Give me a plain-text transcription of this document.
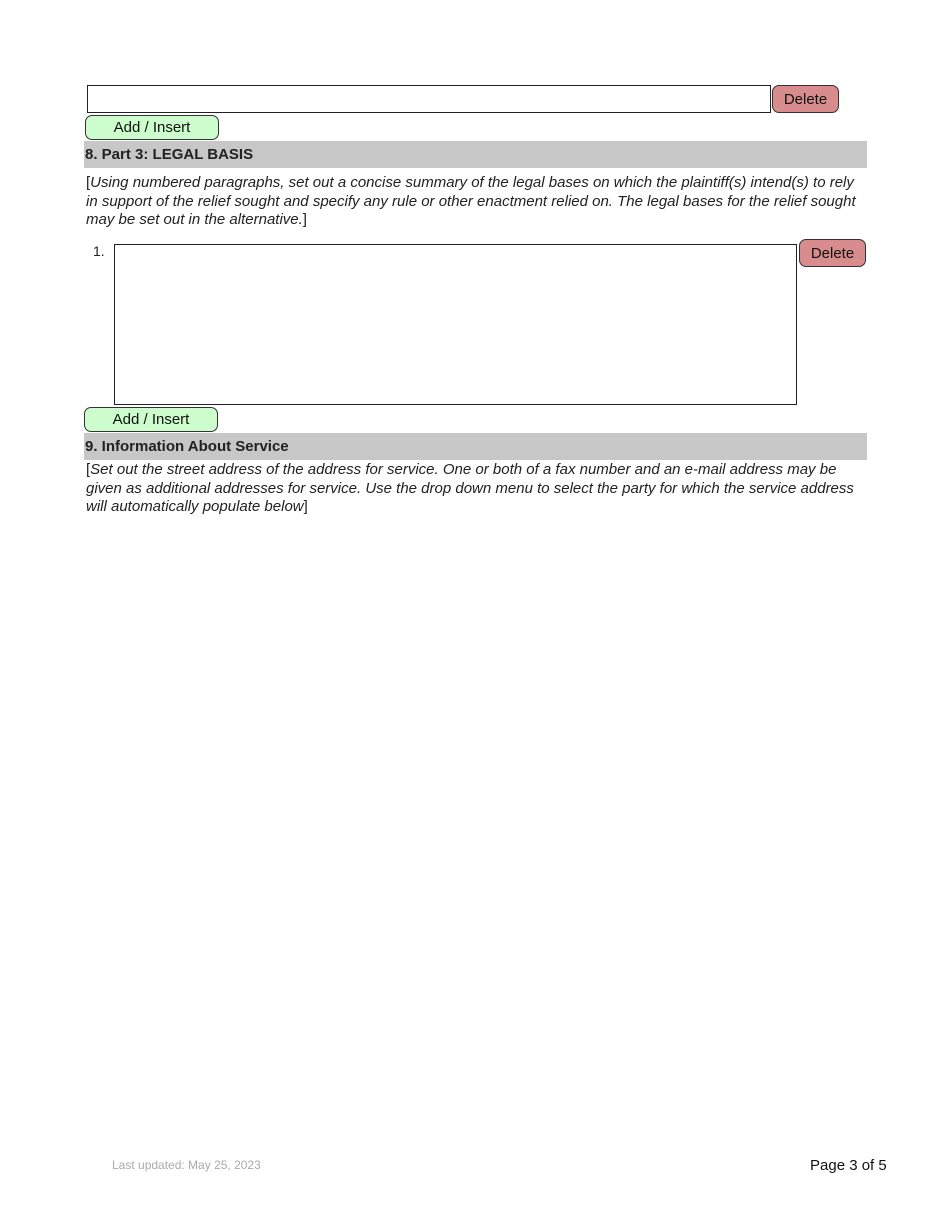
Delete
Add / Insert
8. Part 3: LEGAL BASIS
[Using numbered paragraphs, set out a concise summary of the legal bases on which the plaintiff(s) intend(s) to rely in support of the relief sought and specify any rule or other enactment relied on. The legal bases for the relief sought may be set out in the alternative.]
1.	Delete
Add / Insert
9. Information About Service
[Set out the street address of the address for service. One or both of a fax number and an e-mail address may be given as additional addresses for service. Use the drop down menu to select the party for which the service address will automatically populate below]
Last updated: May 25, 2023	Page 3 of 5
